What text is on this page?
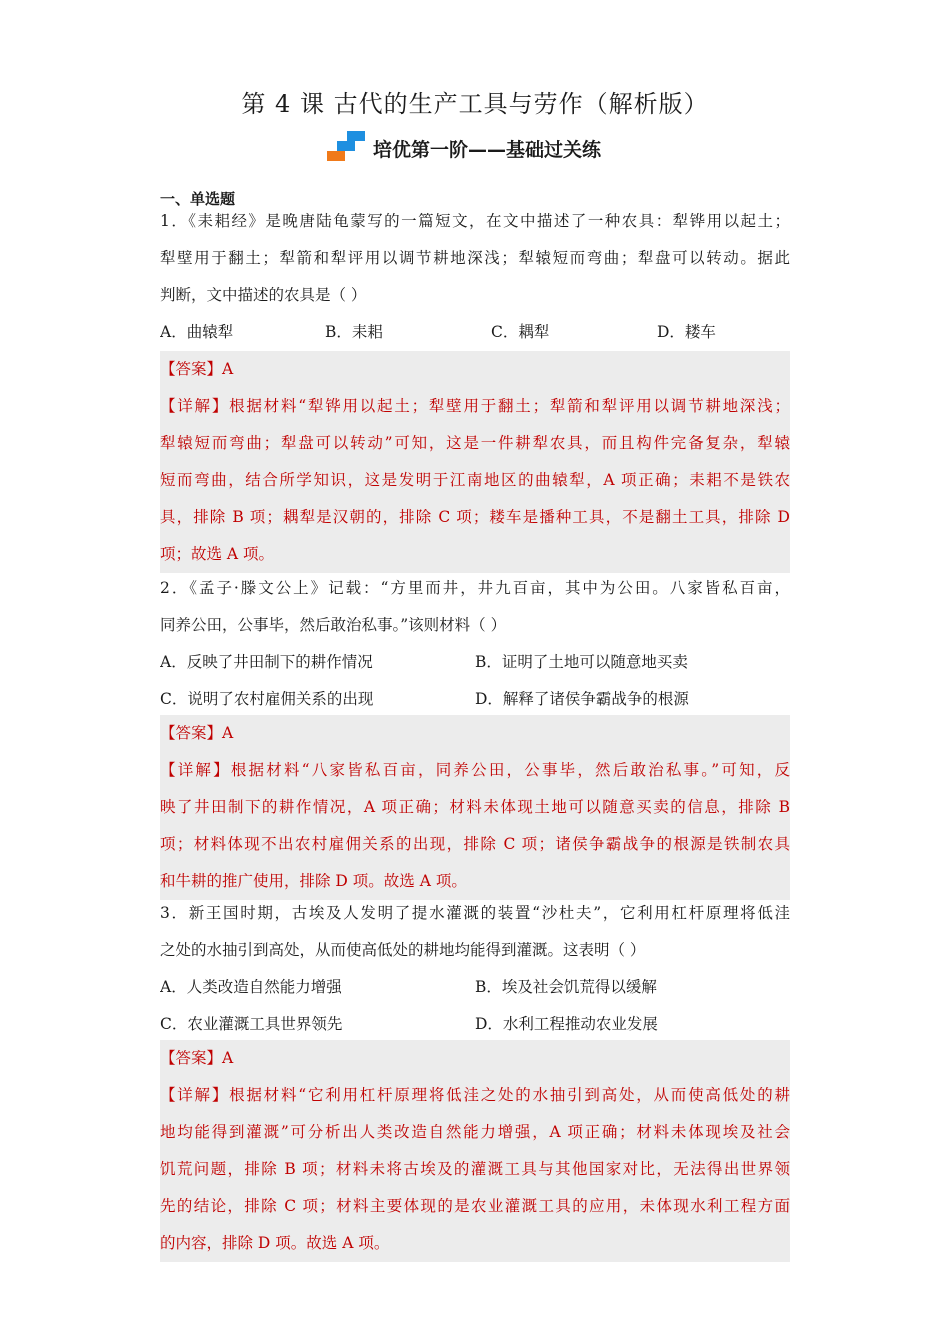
第 4 课 古代的生产工具与劳作（解析版）
培优第一阶——基础过关练
一、单选题
1．《耒耜经》是晚唐陆龟蒙写的一篇短文，在文中描述了一种农具：犁铧用以起土；
犁壁用于翻土；犁箭和犁评用以调节耕地深浅；犁辕短而弯曲；犁盘可以转动。据此
判断，文中描述的农具是（ ）
A．曲辕犁	B．耒耜	C．耦犁	D．耧车
【答案】A
【详解】根据材料“犁铧用以起土；犁壁用于翻土；犁箭和犁评用以调节耕地深浅；
犁辕短而弯曲；犁盘可以转动”可知，这是一件耕犁农具，而且构件完备复杂，犁辕
短而弯曲，结合所学知识，这是发明于江南地区的曲辕犁，A 项正确；耒耜不是铁农
具，排除 B 项；耦犁是汉朝的，排除 C 项；耧车是播种工具，不是翻土工具，排除 D
项；故选 A 项。
2．《孟子·滕文公上》记载：“方里而井，井九百亩，其中为公田。八家皆私百亩，
同养公田，公事毕，然后敢治私事。”该则材料（ ）
A．反映了井田制下的耕作情况	B．证明了土地可以随意地买卖
C．说明了农村雇佣关系的出现	D．解释了诸侯争霸战争的根源
【答案】A
【详解】根据材料“八家皆私百亩，同养公田，公事毕，然后敢治私事。”可知，反
映了井田制下的耕作情况，A 项正确；材料未体现土地可以随意买卖的信息，排除 B
项；材料体现不出农村雇佣关系的出现，排除 C 项；诸侯争霸战争的根源是铁制农具
和牛耕的推广使用，排除 D 项。故选 A 项。
3．新王国时期，古埃及人发明了提水灌溉的装置“沙杜夫”，它利用杠杆原理将低洼
之处的水抽引到高处，从而使高低处的耕地均能得到灌溉。这表明（ ）
A．人类改造自然能力增强	B．埃及社会饥荒得以缓解
C．农业灌溉工具世界领先	D．水利工程推动农业发展
【答案】A
【详解】根据材料“它利用杠杆原理将低洼之处的水抽引到高处，从而使高低处的耕
地均能得到灌溉”可分析出人类改造自然能力增强，A 项正确；材料未体现埃及社会
饥荒问题，排除 B 项；材料未将古埃及的灌溉工具与其他国家对比，无法得出世界领
先的结论，排除 C 项；材料主要体现的是农业灌溉工具的应用，未体现水利工程方面
的内容，排除 D 项。故选 A 项。
